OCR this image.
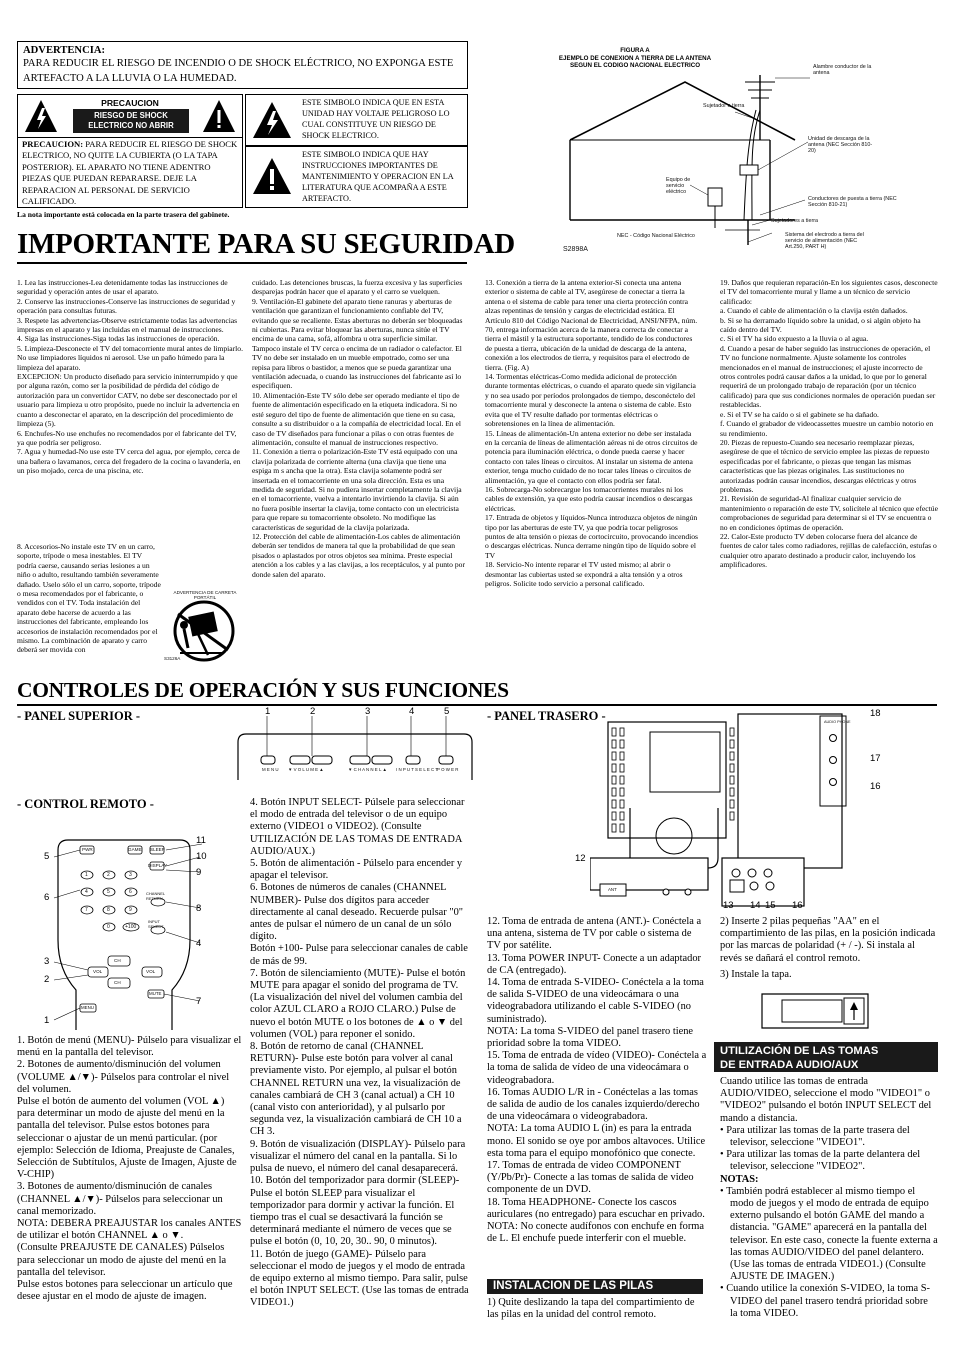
ADVERTENCIA:
PARA REDUCIR EL RIESGO DE INCENDIO O DE SHOCK ELÉCTRICO, NO EXPONGA ESTE ARTEFACTO A LA LLUVIA O LA HUMEDAD.
PRECAUCION
RIESGO DE SHOCK
ELECTRICO NO ABRIR
PRECAUCION: PARA REDUCIR EL RIESGO DE SHOCK ELECTRICO, NO QUITE LA CUBIERTA (O LA TAPA POSTERIOR). EL APARATO NO TIENE ADENTRO PIEZAS QUE PUEDAN REPARARSE. DEJE LA REPARACION AL PERSONAL DE SERVICIO CALIFICADO.
ESTE SIMBOLO INDICA QUE EN ESTA UNIDAD HAY VOLTAJE PELIGROSO LO CUAL CONSTITUYE UN RIESGO DE SHOCK ELECTRICO.
ESTE SIMBOLO INDICA QUE HAY INSTRUCCIONES IMPORTANTES DE MANTENIMIENTO Y OPERACION EN LA LITERATURA QUE ACOMPAÑA A ESTE ARTEFACTO.
La nota importante está colocada en la parte trasera del gabinete.
FIGURA A
EJEMPLO DE CONEXION A TIERRA DE LA ANTENA
SEGUN EL CODIGO NACIONAL ELECTRICO	Alambre conductor de la antena
Sujetador a tierra
Unidad de descarga de la antena (NEC Sección 810-20)
Equipo de servicio eléctrico
Conductores de puesta a tierra (NEC Sección 810-21)
Sujetadores a tierra
NEC - Código Nacional Eléctrico	Sistema del electrodo a tierra del servicio de alimentación (NEC Art.250, PART H)
S2898A
IMPORTANTE PARA SU SEGURIDAD

1. Lea las instrucciones-Lea detenidamente todas las instrucciones de seguridad y operación antes de usar el aparato.

2. Conserve las instrucciones-Conserve las instrucciones de seguridad y operación para consultas futuras.

3. Respete las advertencias-Observe estrictamente todas las advertencias impresas en el aparato y las incluidas en el manual de instrucciones.

4. Siga las instrucciones-Siga todas las instrucciones de operación.

5. Limpieza-Desconecte el TV del tomacorriente mural antes de limpiarlo. No use limpiadores líquidos ni aerosol. Use un paño húmedo para la limpieza del aparato.

EXCEPCION: Un producto diseñado para servicio ininterrumpido y que por alguna razón, como ser la posibilidad de pérdida del código de autorización para un convertidor CATV, no debe ser desconectado por el usuario para limpieza u otro propósito, puede no incluir la advertencia en cuanto a desconectar el aparato, en la descripción del procedimiento de limpieza (5).

6. Enchufes-No use enchufes no recomendados por el fabricante del TV, ya que podría ser peligroso.

7. Agua y humedad-No use este TV cerca del agua, por ejemplo, cerca de una bañera o lavamanos, cerca del fregadero de la cocina o lavandería, en un piso mojado, cerca de una piscina, etc.

8. Accesorios-No instale este TV en un carro, soporte, trípode o mesa inestables. El TV podría caerse, causando serias lesiones a un niño o adulto, resultando también severamente dañado. Uselo sólo el un carro, soporte, trípode o mesa recomendados por el fabricante, o vendidos con el TV. Toda instalación del aparato debe hacerse de acuerdo a las instrucciones del fabricante, empleando los accesorios de instalación recomendados por el mismo. La combinación de aparato y carro deberá ser movida con
ADVERTENCIA DE CARRETA PORTÁTIL
S3126A

cuidado. Las detenciones bruscas, la fuerza excesiva y las superficies desparejas podrán hacer que el aparato y el carro se vuelquen.

9. Ventilación-El gabinete del aparato tiene ranuras y aberturas de ventilación que garantizan el funcionamiento confiable del TV, evitando que se recaliente. Estas aberturas no deberán ser bloqueadas ni cubiertas. Para evitar bloquear las aberturas, nunca sitúe el TV encima de una cama, sofá, alfombra u otra superficie similar. Tampoco instale el TV cerca o encima de un radiador o calefactor. El TV no debe ser instalado en un mueble empotrado, como ser una repisa para libros o bastidor, a menos que se pueda garantizar una ventilación adecuada, o cuando las instrucciones del fabricante así lo especifiquen.

10. Alimentación-Este TV sólo debe ser operado mediante el tipo de fuente de alimentación especificado en la etiqueta indicadora. Si no esté seguro del tipo de fuente de alimentación que tiene en su casa, consulte a su distribuidor o a la compañía de electricidad local. En el caso de TV diseñados para funcionar a pilas o con otras fuentes de alimentación, consulte el manual de instrucciones respectivo.

11. Conexión a tierra o polarización-Este TV está equipado con una clavija polarizada de corriente alterna (una clavija que tiene una espiga m s ancha que la otra). Esta clavija solamente podrá ser insertada en el tomacorriente en una sola dirección. Esta es una medida de seguridad. Si no pudiera insertar completamente la clavija en el tomacorriente, vuelva a intentarlo invirtiendo la clavija. Si aún no fuera posible insertar la clavija, tome contacto con un electricista para que repare su tomacorriente obsoleto. No modifique las características de seguridad de la clavija polarizada.

12. Protección del cable de alimentación-Los cables de alimentación deberán ser tendidos de manera tal que la probabilidad de que sean pisados o aplastados por otros objetos sea mínima. Preste especial atención a los cables y a las clavijas, a los receptáculos, y al punto por donde salen del aparato.

13. Conexión a tierra de la antena exterior-Si conecta una antena exterior o sistema de cable al TV, asegúrese de conectar a tierra la antena o el sistema de cable para tener una cierta protección contra alzas repentinas de tensión y cargas de electricidad estática. El Artículo 810 del Código Nacional de Electricidad, ANSI/NFPA, núm. 70, entrega información acerca de la manera correcta de conectar a tierra el mástil y la estructura soportante, tendido de los conductores de puesta a tierra, ubicación de la unidad de descarga de la antena, conexión a los electrodos de tierra, y requisitos para el electrodo de tierra. (Fig. A)

14. Tormentas eléctricas-Como medida adicional de protección durante tormentas eléctricas, o cuando el aparato quede sin vigilancia y no sea usado por períodos prolongados de tiempo, desconéctelo del tomacorriente mural y desconecte la antena o sistema de cable. Esto evita que el TV resulte dañado por tormentas eléctricas o sobretensiones en la línea de alimentación.

15. Líneas de alimentación-Un antena exterior no debe ser instalada en la cercanía de líneas de alimentación aéreas ni de otros circuitos de potencia para iluminación eléctrica, o donde pueda caerse y hacer contacto con tales líneas o circuitos. Al instalar un sistema de antena exterior, tenga mucho cuidado de no tocar tales líneas o circuitos de alimentación, ya que el contacto con ellos podría ser fatal.

16. Sobrecarga-No sobrecargue los tomacorrientes murales ni los cables de extensión, ya que esto podría causar incendios o descargas eléctricas.

17. Entrada de objetos y líquidos-Nunca introduzca objetos de ningún tipo por las aberturas de este TV, ya que podría tocar peligrosos puntos de alta tensión o piezas de cortocircuito, provocando incendios o descargas eléctricas. Nunca derrame ningún tipo de líquido sobre el TV

18. Servicio-No intente reparar el TV usted mismo; al abrir o desmontar las cubiertas usted se expondrá a alta tensión y a otros peligros. Solicite todo servicio a personal calificado.

19. Daños que requieran reparación-En los siguientes casos, desconecte el TV del tomacorriente mural y llame a un técnico de servicio calificado:

a. Cuando el cable de alimentación o la clavija estén dañados.

b. Si se ha derramado líquido sobre la unidad, o si algún objeto ha caído dentro del TV.

c. Si el TV ha sido expuesto a la lluvia o al agua.

d. Cuando a pesar de haber seguido las instrucciones de operación, el TV no funcione normalmente. Ajuste solamente los controles mencionados en el manual de instrucciones; el ajuste incorrecto de otros controles podrá causar daños a la unidad, lo que por lo general requerirá de un prolongado trabajo de reparación (por un técnico calificado) para que sus condiciones normales de operación puedan ser restablecidas.

e. Si el TV se ha caído o si el gabinete se ha dañado.

f. Cuando el grabador de videocassettes muestre un cambio notorio en su rendimiento.

20. Piezas de repuesto-Cuando sea necesario reemplazar piezas, asegúrese de que el técnico de servicio emplee las piezas de repuesto especificadas por el fabricante, o piezas que tengan las mismas características que las piezas originales. Las sustituciones no autorizadas podrán causar incendios, descargas eléctricas y otros problemas.

21. Revisión de seguridad-Al finalizar cualquier servicio de mantenimiento o reparación de este TV, solicítele al técnico que efectúe comprobaciones de seguridad para determinar si el TV se encuentra o no en condiciones óptimas de operación.

22. Calor-Este producto TV deben colocarse fuera del alcance de fuentes de calor tales como radiadores, rejillas de calefacción, estufas o cualquier otro aparato destinado a producir calor, incluyendo los amplificadores.

CONTROLES DE OPERACIÓN Y SUS FUNCIONES
- PANEL SUPERIOR -	- PANEL TRASERO -
- CONTROL REMOTO -
1	2	3	4	5
M E N U ▼ V O L U M E ▲	▼ C H A N N E L ▲ I N P U T S E L E C T P O W E R
AUDIO PHONE
ANT
18
17
16
12
13 14 15 16
PWR	GAME SLEEP
DISPLAY
1	2	3
4	5	6
7	8	9
0	+100
CHANNEL RETURN
INPUT SELECT
CH
CH
VOL	VOL
MUTE
MENU
11
10
9
8
4
5
6
3
2
7
1

1. Botón de menú (MENU)- Púlselo para visualizar el menú en la pantalla del televisor.

2. Botones de aumento/disminución del volumen (VOLUME ▲/▼)- Púlselos para controlar el nivel del volumen.

Pulse el botón de aumento del volumen (VOL ▲) para determinar un modo de ajuste del menú en la pantalla del televisor. Pulse estos botones para seleccionar o ajustar de un menú particular. (por ejemplo: Selección de Idioma, Preajuste de Canales, Selección de Subtítulos, Ajuste de Imagen, Ajuste de V-CHIP)

3. Botones de aumento/disminución de canales (CHANNEL ▲/▼)- Púlselos para seleccionar un canal memorizado.

NOTA: DEBERA PREAJUSTAR los canales ANTES de utilizar el botón CHANNEL ▲ o ▼.

(Consulte PREAJUSTE DE CANALES) Púlselos para seleccionar un modo de ajuste del menú en la pantalla del televisor.

Pulse estos botones para seleccionar un artículo que desee ajustar en el modo de ajuste de imagen.

4. Botón INPUT SELECT- Púlsele para seleccionar el modo de entrada del televisor o de un equipo externo (VIDEO1 o VIDEO2). (Consulte UTILIZACIÓN DE LAS TOMAS DE ENTRADA AUDIO/AUX.)

5. Botón de alimentación - Púlselo para encender y apagar el televisor.

6. Botones de números de canales (CHANNEL NUMBER)- Pulse dos dígitos para acceder directamente al canal deseado. Recuerde pulsar "0" antes de pulsar el número de un canal de un sólo dígito.

Botón +100- Pulse para seleccionar canales de cable de más de 99.

7. Botón de silenciamiento (MUTE)- Pulse el botón MUTE para apagar el sonido del programa de TV. (La visualización del nivel del volumen cambia del color AZUL CLARO a ROJO CLARO.) Pulse de nuevo el botón MUTE o los botones de ▲ o ▼ del volumen (VOL) para reponer el sonido.

8. Botón de retorno de canal (CHANNEL RETURN)- Pulse este botón para volver al canal previamente visto. Por ejemplo, al pulsar el botón CHANNEL RETURN una vez, la visualización de canales cambiará de CH 3 (canal actual) a CH 10 (canal visto con anterioridad), y al pulsarlo por segunda vez, la visualización cambiará de CH 10 a CH 3.

9. Botón de visualización (DISPLAY)- Púlselo para visualizar el número del canal en la pantalla. Si lo pulsa de nuevo, el número del canal desaparecerá.

10. Botón del temporizador para dormir (SLEEP)- Pulse el botón SLEEP para visualizar el temporizador para dormir y activar la función. El tiempo tras el cual se desactivará la función se determinará mediante el número de veces que se pulse el botón (0, 10, 20, 30.. 90, 0 minutos).

11. Botón de juego (GAME)- Púlselo para seleccionar el modo de juegos y el modo de entrada de equipo externo al mismo tiempo. Para salir, pulse el botón INPUT SELECT. (Use las tomas de entrada VIDEO1.)

12. Toma de entrada de antena (ANT.)- Conéctela a una antena, sistema de TV por cable o sistema de TV por satélite.

13. Toma POWER INPUT- Conecte a un adaptador de CA (entregado).

14. Toma de entrada S-VIDEO- Conéctela a la toma de salida S-VIDEO de una videocámara o una videograbadora utilizando el cable S-VIDEO (no suministrado).

NOTA: La toma S-VIDEO del panel trasero tiene prioridad sobre la toma VIDEO.

15. Toma de entrada de vídeo (VIDEO)- Conéctela a la toma de salida de vídeo de una videocámara o videograbadora.

16. Tomas AUDIO L/R in - Conéctelas a las tomas de salida de audio de los canales izquierdo/derecho de una videocámara o videograbadora.

NOTA: La toma AUDIO L (in) es para la entrada mono. El sonido se oye por ambos altavoces. Utilice esta toma para el equipo monofónico que conecte.

17. Tomas de entrada de video COMPONENT (Y/Pb/Pr)- Conecte a las tomas de salida de video componente de un DVD.

18. Toma HEADPHONE- Conecte los cascos auriculares (no entregado) para escuchar en privado.

NOTA: No conecte audífonos con enchufe en forma de L. El enchufe puede interferir con el mueble.

INSTALACION DE LAS PILAS
1) Quite deslizando la tapa del compartimiento de las pilas en la unidad del control remoto.

2) Inserte 2 pilas pequeñas "AA" en el compartimiento de las pilas, en la posición indicada por las marcas de polaridad (+ / -). Si instala al revés se dañará el control remoto.

3) Instale la tapa.

UTILIZACIÓN DE LAS TOMAS
DE ENTRADA AUDIO/AUX

Cuando utilice las tomas de entrada AUDIO/VIDEO, seleccione el modo "VIDEO1" o "VIDEO2" pulsando el botón INPUT SELECT del mando a distancia.

• Para utilizar las tomas de la parte trasera del televisor, seleccione "VIDEO1".

• Para utilizar las tomas de la parte delantera del televisor, seleccione "VIDEO2".

NOTAS:

• También podrá establecer al mismo tiempo el modo de juegos y el modo de entrada de equipo externo pulsando el botón GAME del mando a distancia. "GAME" aparecerá en la pantalla del televisor. En este caso, conecte la fuente externa a las tomas AUDIO/VIDEO del panel delantero. (Use las tomas de entrada VIDEO1.) (Consulte AJUSTE DE IMAGEN.)

• Cuando utilice la conexión S-VIDEO, la toma S-VIDEO del panel trasero tendrá prioridad sobre la toma VIDEO.
